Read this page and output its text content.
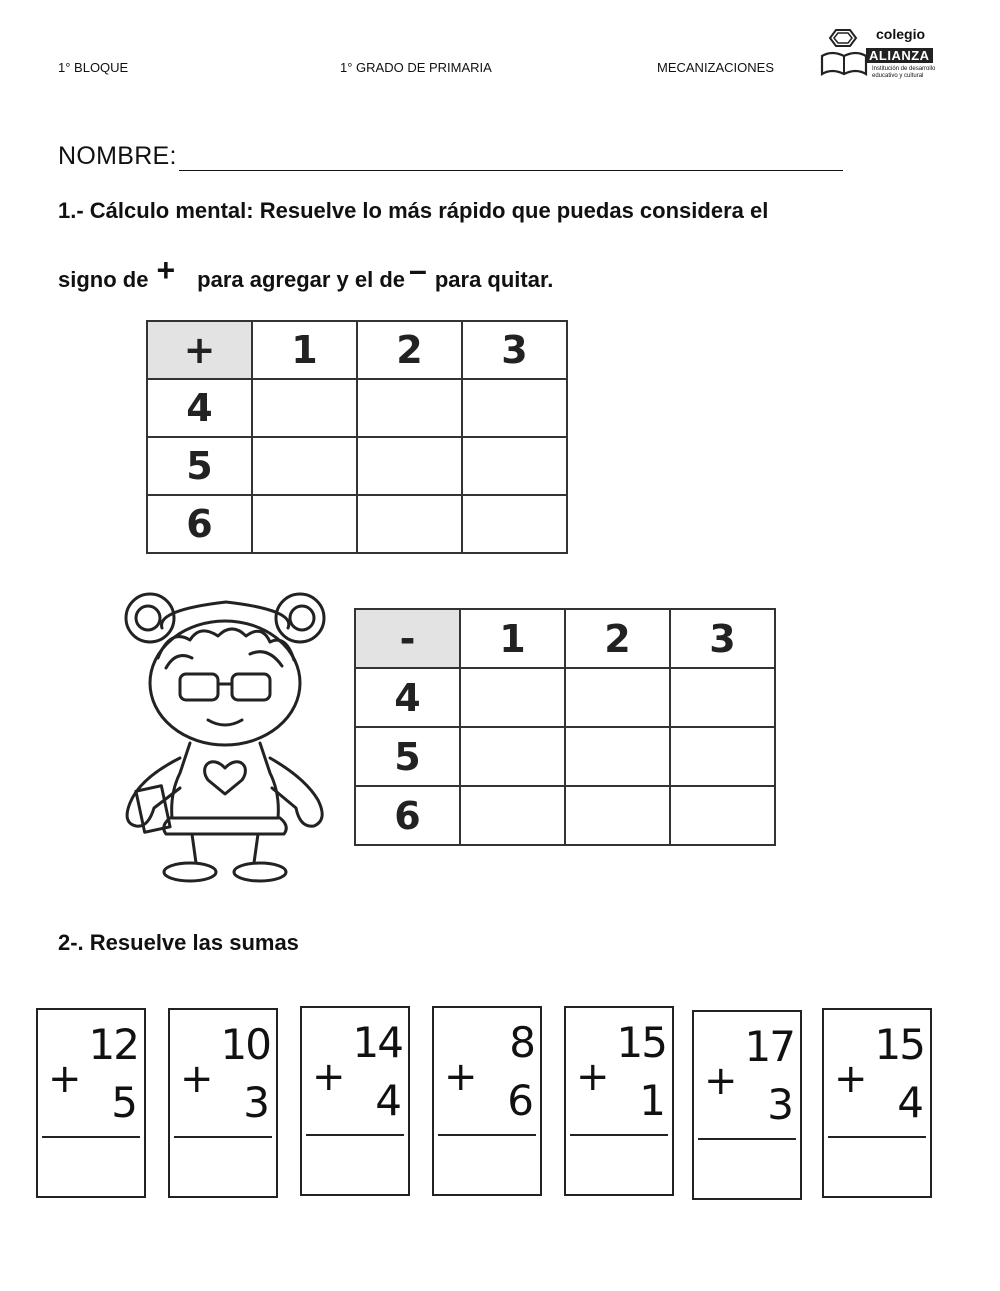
1° BLOQUE	1° GRADO DE PRIMARIA	MECANIZACIONES
colegio
ALIANZA
Institución de desarrollo educativo y cultural
NOMBRE:
1.- Cálculo mental: Resuelve lo más rápido que puedas considera el
signo de + para agregar y el de – para quitar.
+	1	2	3
4			
5			
6			
-	1	2	3
4			
5			
6			
2-. Resuelve las sumas
12
+ 5
10
+ 3
14
+ 4
8
+ 6
15
+ 1
17
+ 3
15
+ 4
